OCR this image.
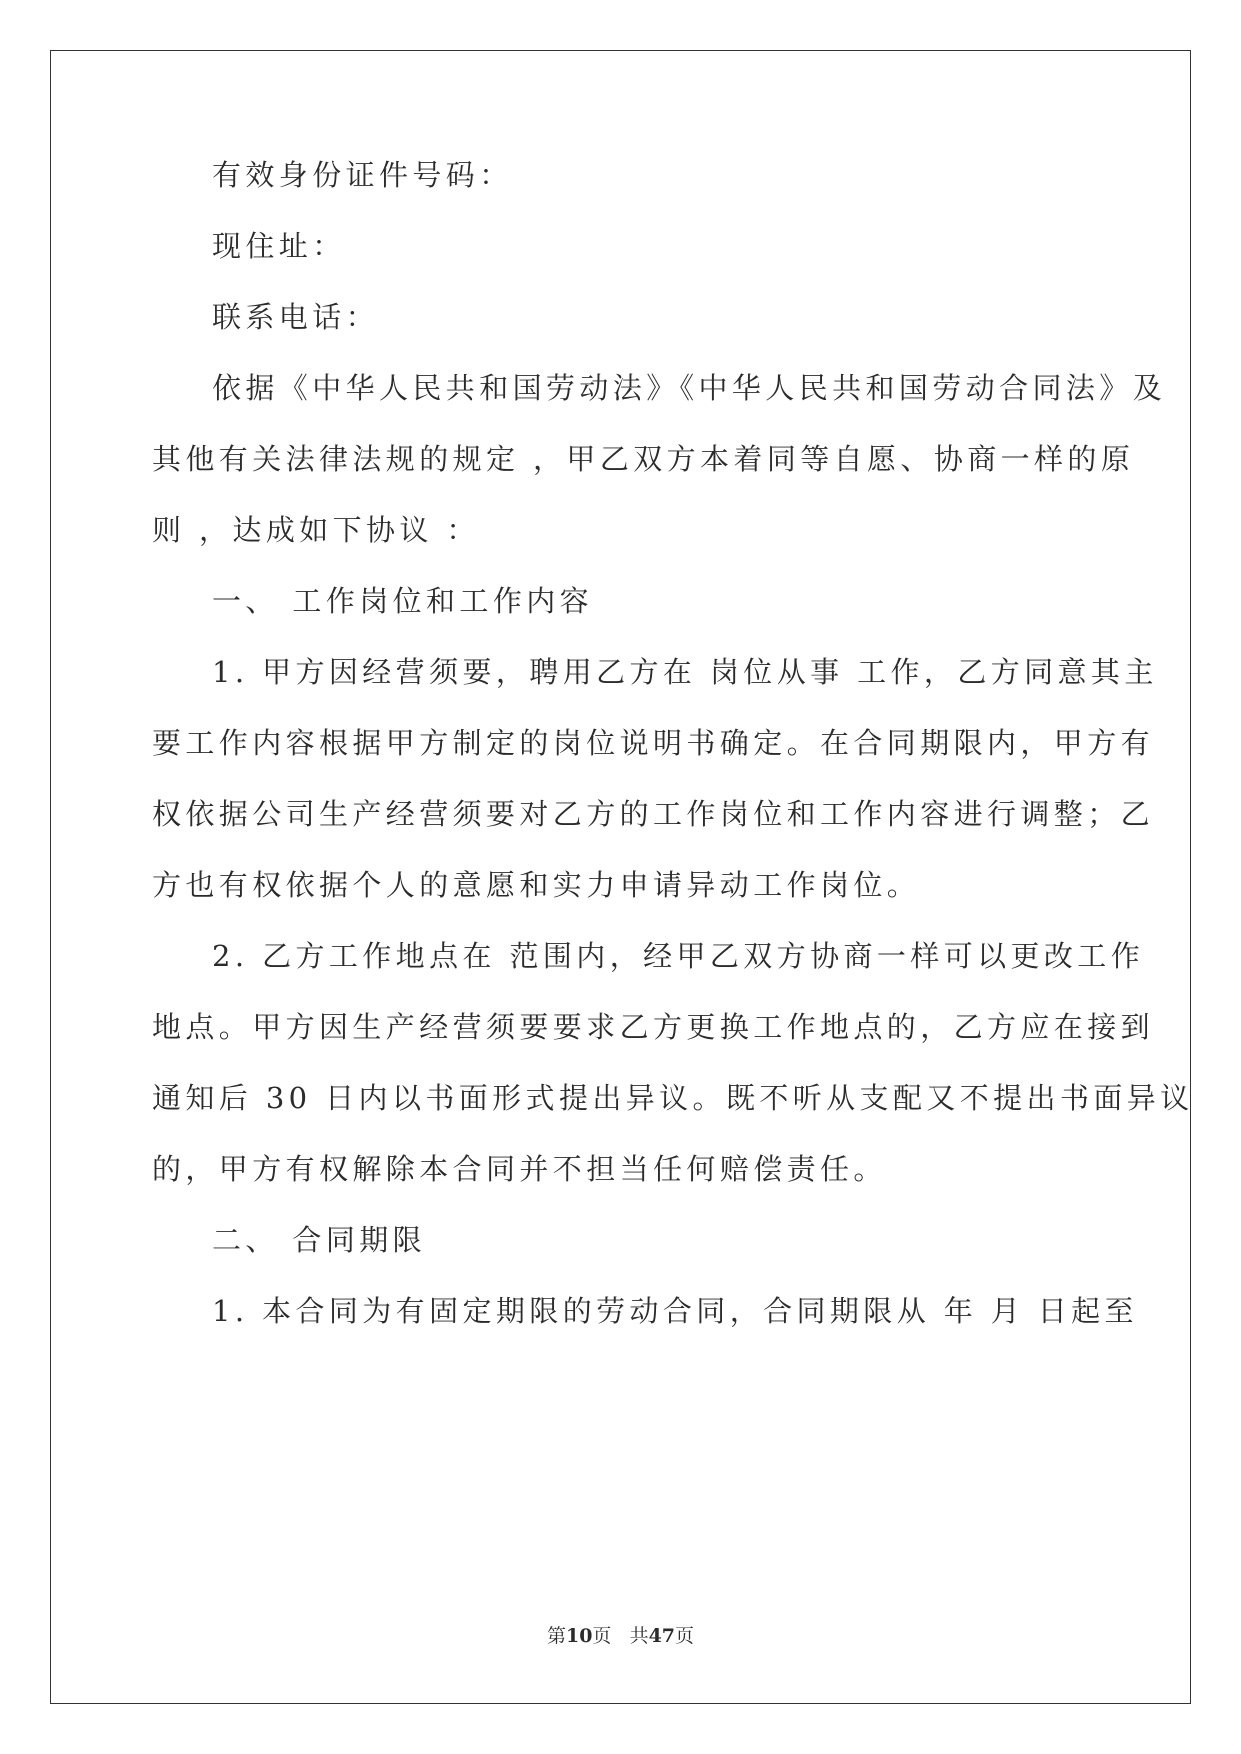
有效身份证件号码：

现住址：

联系电话：

依据《中华人民共和国劳动法》《中华人民共和国劳动合同法》及

其他有关法律法规的规定 ，甲乙双方本着同等自愿、协商一样的原

则 ，达成如下协议 ：

一、 工作岗位和工作内容

1. 甲方因经营须要，聘用乙方在 岗位从事 工作，乙方同意其主

要工作内容根据甲方制定的岗位说明书确定。在合同期限内，甲方有

权依据公司生产经营须要对乙方的工作岗位和工作内容进行调整；乙

方也有权依据个人的意愿和实力申请异动工作岗位。

2. 乙方工作地点在 范围内，经甲乙双方协商一样可以更改工作

地点。甲方因生产经营须要要求乙方更换工作地点的，乙方应在接到

通知后 30 日内以书面形式提出异议。既不听从支配又不提出书面异议

的，甲方有权解除本合同并不担当任何赔偿责任。

二、 合同期限

1. 本合同为有固定期限的劳动合同，合同期限从 年 月 日起至

第10页 共47页
